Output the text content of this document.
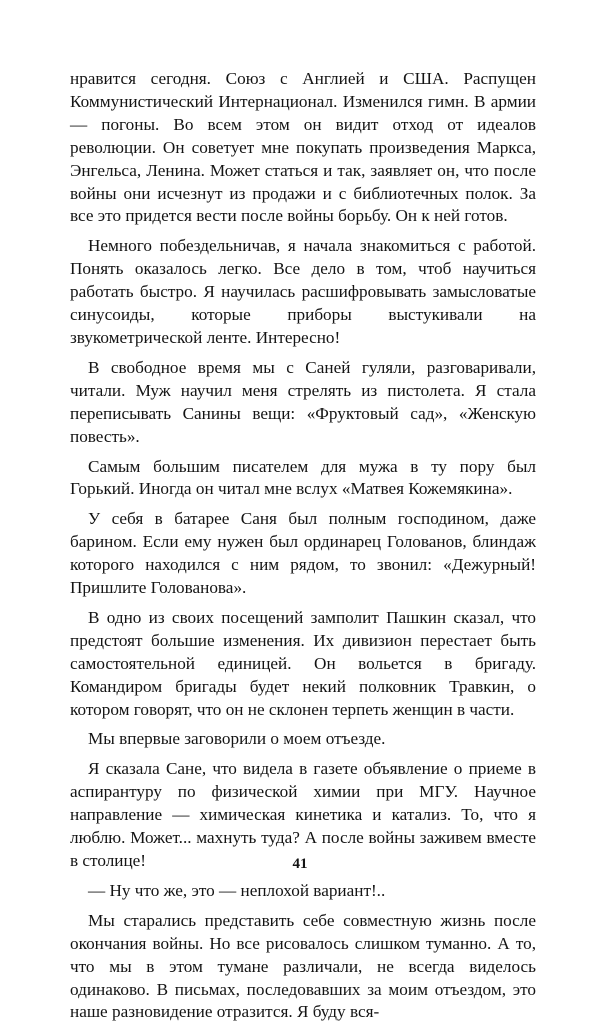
нравится сегодня. Союз с Англией и США. Распущен Коммунистический Интернационал. Изменился гимн. В армии — погоны. Во всем этом он видит отход от идеалов революции. Он советует мне покупать произведения Маркса, Энгельса, Ленина. Может статься и так, заявляет он, что после войны они исчезнут из продажи и с библиотечных полок. За все это придется вести после войны борьбу. Он к ней готов.

Немного побездельничав, я начала знакомиться с работой. Понять оказалось легко. Все дело в том, чтоб научиться работать быстро. Я научилась расшифровывать замысловатые синусоиды, которые приборы выстукивали на звукометрической ленте. Интересно!

В свободное время мы с Саней гуляли, разговаривали, читали. Муж научил меня стрелять из пистолета. Я стала переписывать Санины вещи: «Фруктовый сад», «Женскую повесть».

Самым большим писателем для мужа в ту пору был Горький. Иногда он читал мне вслух «Матвея Кожемякина».

У себя в батарее Саня был полным господином, даже барином. Если ему нужен был ординарец Голованов, блиндаж которого находился с ним рядом, то звонил: «Дежурный! Пришлите Голованова».

В одно из своих посещений замполит Пашкин сказал, что предстоят большие изменения. Их дивизион перестает быть самостоятельной единицей. Он вольется в бригаду. Командиром бригады будет некий полковник Травкин, о котором говорят, что он не склонен терпеть женщин в части.

Мы впервые заговорили о моем отъезде.

Я сказала Сане, что видела в газете объявление о приеме в аспирантуру по физической химии при МГУ. Научное направление — химическая кинетика и катализ. То, что я люблю. Может... махнуть туда? А после войны заживем вместе в столице!

— Ну что же, это — неплохой вариант!..

Мы старались представить себе совместную жизнь после окончания войны. Но все рисовалось слишком туманно. А то, что мы в этом тумане различали, не всегда виделось одинаково. В письмах, последовавших за моим отъездом, это наше разновидение отразится. Я буду вся-

41
